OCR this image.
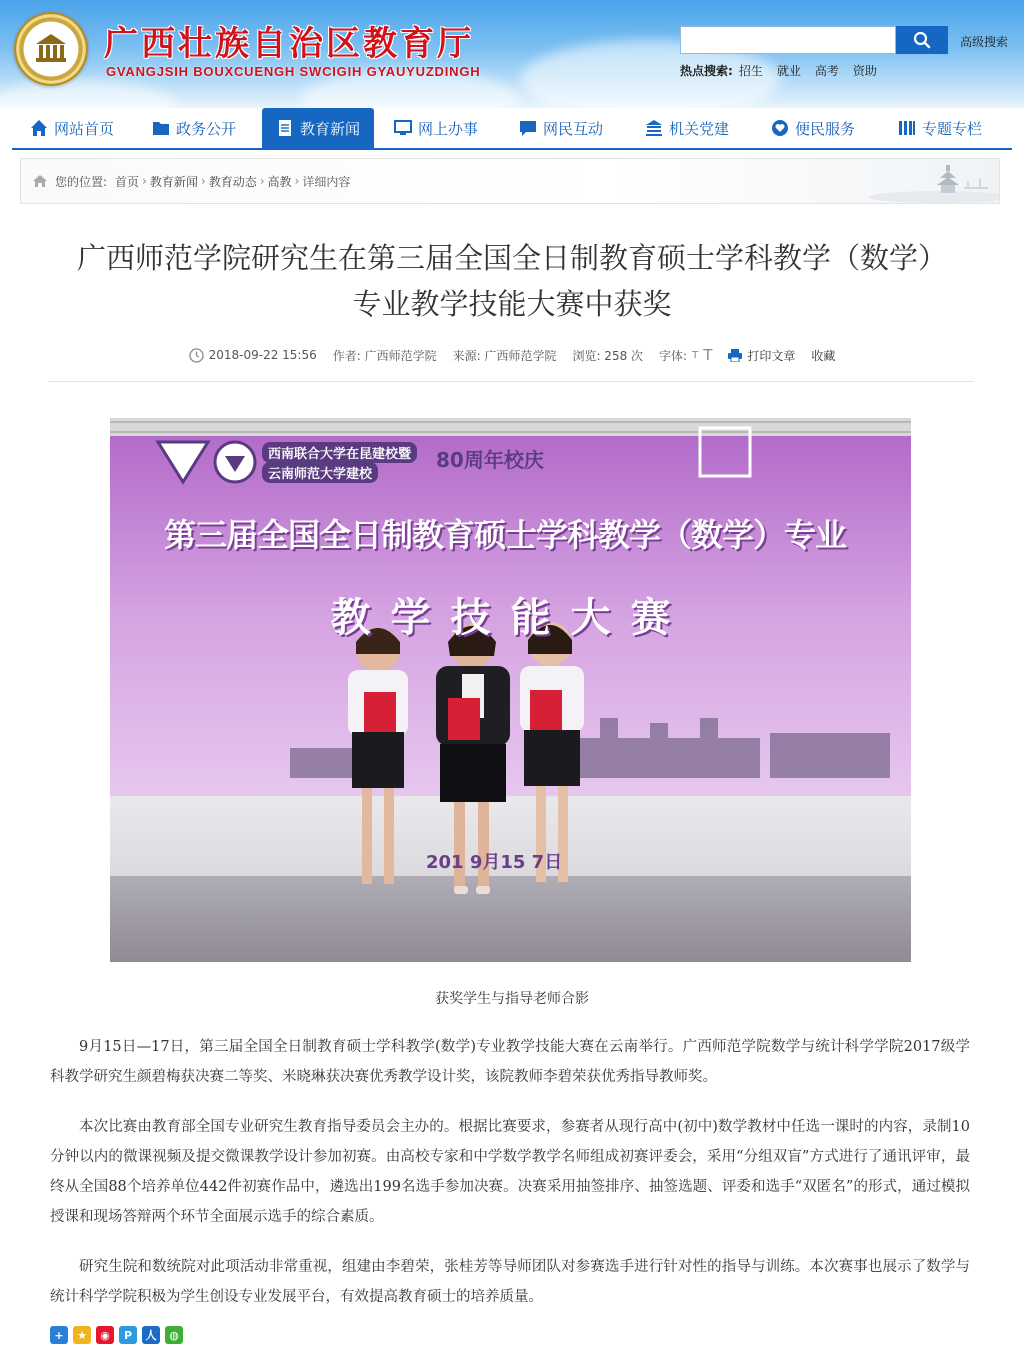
广西壮族自治区教育厅
GVANGJSIH BOUXCUENGH SWCIGIH GYAUYUZDINGH
高级搜索
热点搜索: 招生 就业 高考 资助
网站首页	政务公开	教育新闻	网上办事	网民互动	机关党建	便民服务	专题专栏
您的位置: 首页 › 教育新闻 › 教育动态 › 高教 › 详细内容
广西师范学院研究生在第三届全国全日制教育硕士学科教学（数学）
专业教学技能大赛中获奖
2018-09-22 15:56 作者: 广西师范学院 来源: 广西师范学院 浏览: 258 次 字体: T T	打印文章 收藏
西南联合大学在昆建校暨
云南师范大学建校
80周年校庆
第三届全国全日制教育硕士学科教学（数学）专业
教学技能大赛
201 9月15 7日
获奖学生与指导老师合影

9月15日—17日，第三届全国全日制教育硕士学科教学(数学)专业教学技能大赛在云南举行。广西师范学院数学与统计科学学院2017级学科教学研究生颜碧梅获决赛二等奖、米晓琳获决赛优秀教学设计奖，该院教师李碧荣获优秀指导教师奖。

本次比赛由教育部全国专业研究生教育指导委员会主办的。根据比赛要求，参赛者从现行高中(初中)数学教材中任选一课时的内容，录制10分钟以内的微课视频及提交微课教学设计参加初赛。由高校专家和中学数学教学名师组成初赛评委会，采用“分组双盲”方式进行了通讯评审，最终从全国88个培养单位442件初赛作品中，遴选出199名选手参加决赛。决赛采用抽签排序、抽签选题、评委和选手“双匿名”的形式，通过模拟授课和现场答辩两个环节全面展示选手的综合素质。

研究生院和数统院对此项活动非常重视，组建由李碧荣，张桂芳等导师团队对参赛选手进行针对性的指导与训练。本次赛事也展示了数学与统计科学学院积极为学生创设专业发展平台，有效提高教育硕士的培养质量。

+	★	◉	P	人	◍
